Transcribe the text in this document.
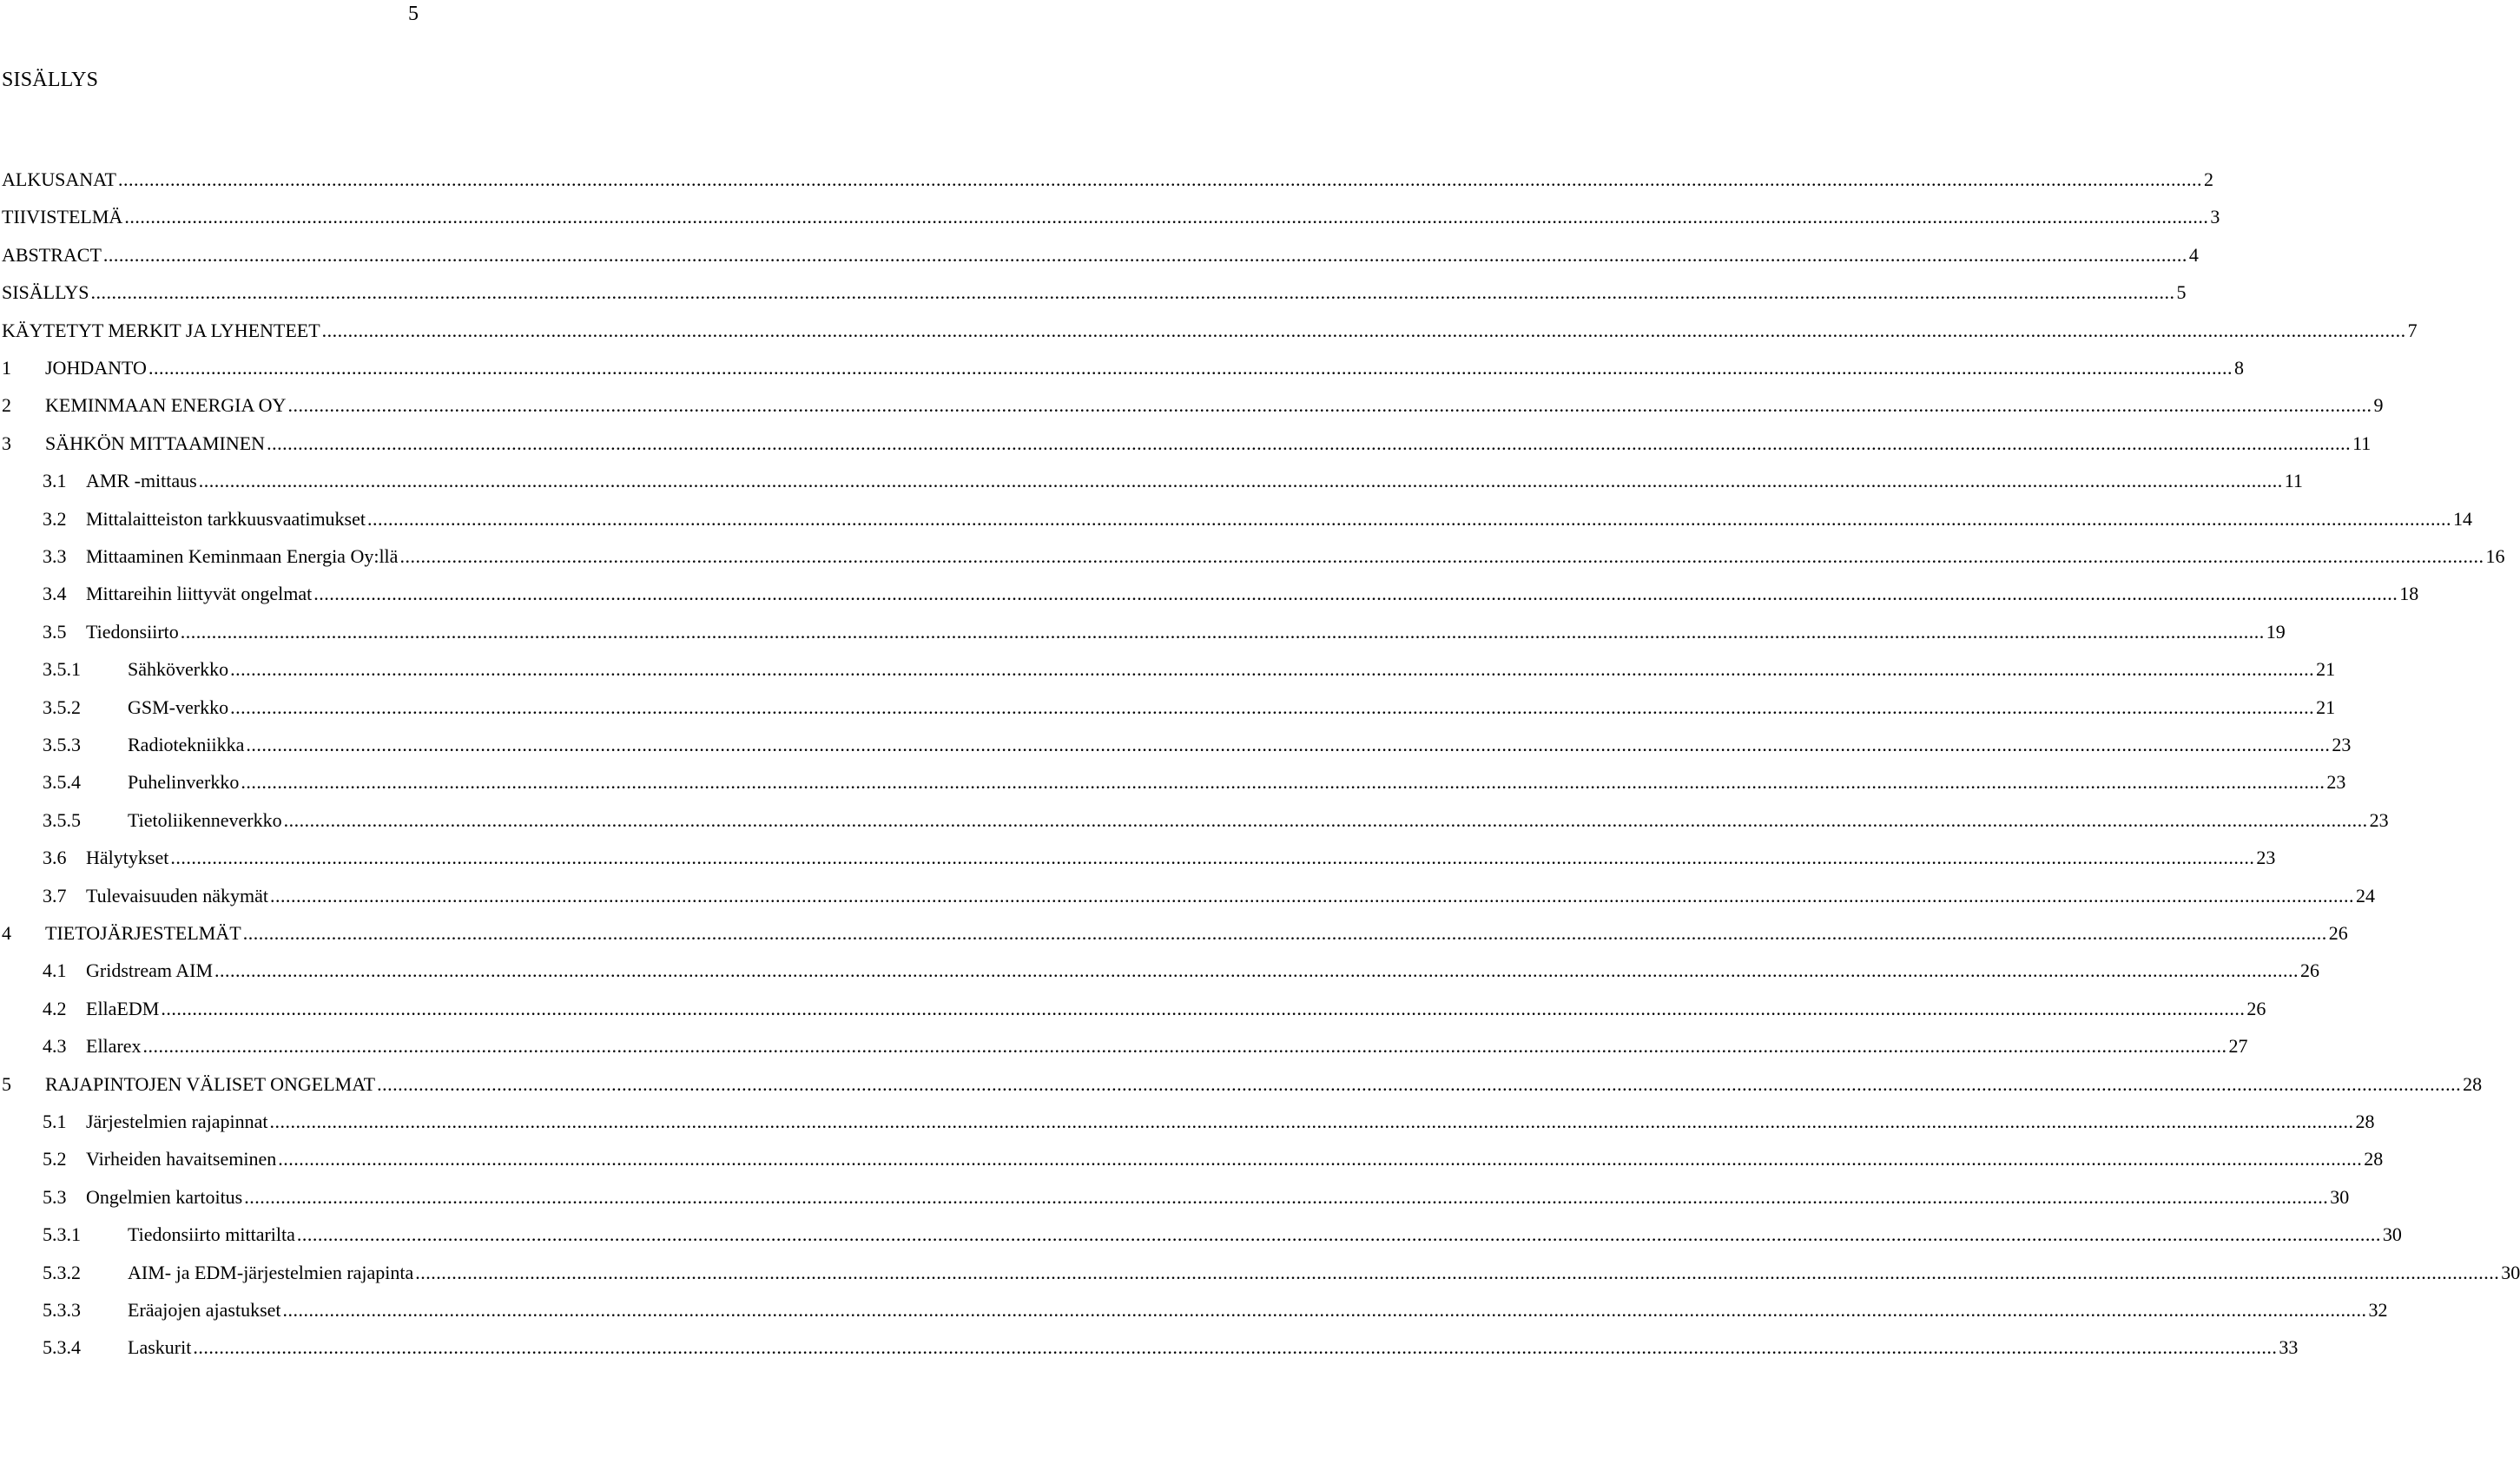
5
SISÄLLYS
ALKUSANAT ................................................................................................................................................................................................................................................................................................................................................................................................................ 2
TIIVISTELMÄ ................................................................................................................................................................................................................................................................................................................................................................................................................ 3
ABSTRACT ................................................................................................................................................................................................................................................................................................................................................................................................................ 4
SISÄLLYS ................................................................................................................................................................................................................................................................................................................................................................................................................ 5
KÄYTETYT MERKIT JA LYHENTEET ................................................................................................................................................................................................................................................................................................................................................................................................................ 7
1	JOHDANTO ................................................................................................................................................................................................................................................................................................................................................................................................................ 8
2	KEMINMAAN ENERGIA OY ................................................................................................................................................................................................................................................................................................................................................................................................................ 9
3	SÄHKÖN MITTAAMINEN ................................................................................................................................................................................................................................................................................................................................................................................................................ 11
3.1	AMR -mittaus ................................................................................................................................................................................................................................................................................................................................................................................................................ 11
3.2	Mittalaitteiston tarkkuusvaatimukset ................................................................................................................................................................................................................................................................................................................................................................................................................ 14
3.3	Mittaaminen Keminmaan Energia Oy:llä ................................................................................................................................................................................................................................................................................................................................................................................................................ 16
3.4	Mittareihin liittyvät ongelmat ................................................................................................................................................................................................................................................................................................................................................................................................................ 18
3.5	Tiedonsiirto ................................................................................................................................................................................................................................................................................................................................................................................................................ 19
3.5.1	Sähköverkko ................................................................................................................................................................................................................................................................................................................................................................................................................ 21
3.5.2	GSM-verkko ................................................................................................................................................................................................................................................................................................................................................................................................................ 21
3.5.3	Radiotekniikka ................................................................................................................................................................................................................................................................................................................................................................................................................ 23
3.5.4	Puhelinverkko ................................................................................................................................................................................................................................................................................................................................................................................................................ 23
3.5.5	Tietoliikenneverkko ................................................................................................................................................................................................................................................................................................................................................................................................................ 23
3.6	Hälytykset ................................................................................................................................................................................................................................................................................................................................................................................................................ 23
3.7	Tulevaisuuden näkymät ................................................................................................................................................................................................................................................................................................................................................................................................................ 24
4	TIETOJÄRJESTELMÄT ................................................................................................................................................................................................................................................................................................................................................................................................................ 26
4.1	Gridstream AIM ................................................................................................................................................................................................................................................................................................................................................................................................................ 26
4.2	EllaEDM ................................................................................................................................................................................................................................................................................................................................................................................................................ 26
4.3	Ellarex ................................................................................................................................................................................................................................................................................................................................................................................................................ 27
5	RAJAPINTOJEN VÄLISET ONGELMAT ................................................................................................................................................................................................................................................................................................................................................................................................................ 28
5.1	Järjestelmien rajapinnat ................................................................................................................................................................................................................................................................................................................................................................................................................ 28
5.2	Virheiden havaitseminen ................................................................................................................................................................................................................................................................................................................................................................................................................ 28
5.3	Ongelmien kartoitus ................................................................................................................................................................................................................................................................................................................................................................................................................ 30
5.3.1	Tiedonsiirto mittarilta ................................................................................................................................................................................................................................................................................................................................................................................................................ 30
5.3.2	AIM- ja EDM-järjestelmien rajapinta ................................................................................................................................................................................................................................................................................................................................................................................................................ 30
5.3.3	Eräajojen ajastukset ................................................................................................................................................................................................................................................................................................................................................................................................................ 32
5.3.4	Laskurit ................................................................................................................................................................................................................................................................................................................................................................................................................ 33
